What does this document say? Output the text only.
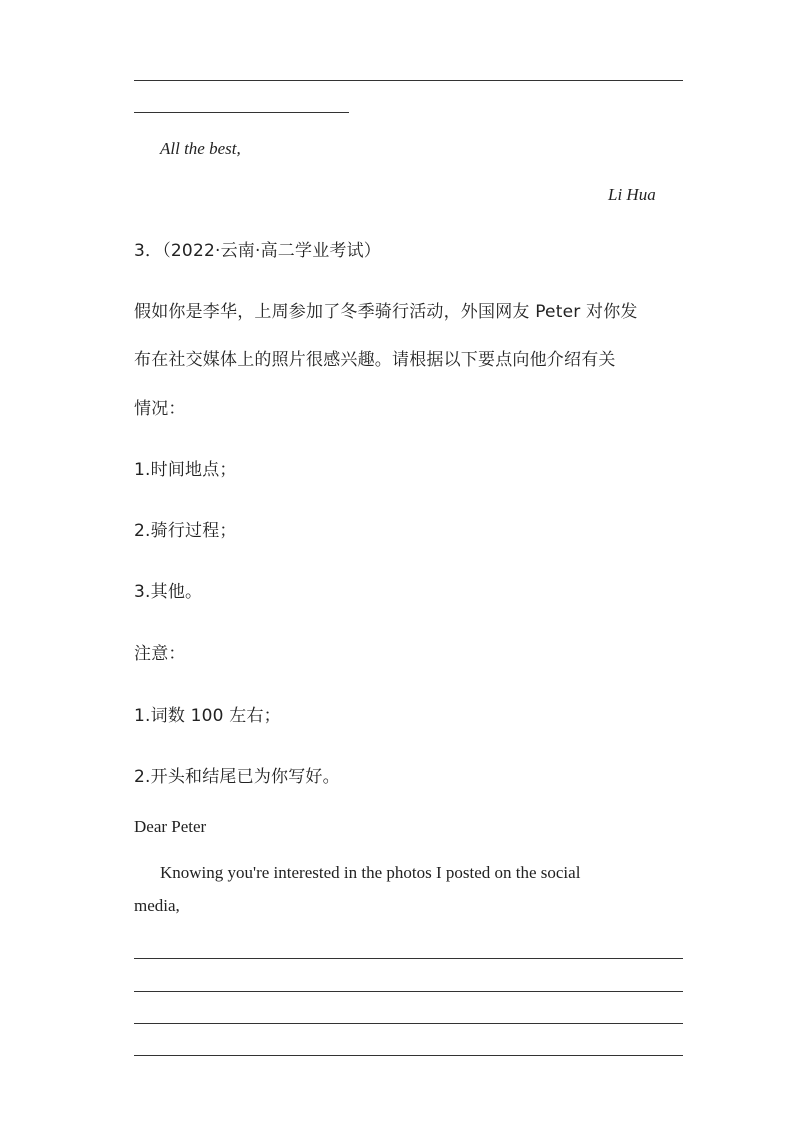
All the best,
Li Hua
3．（2022·云南·高二学业考试）
假如你是李华，上周参加了冬季骑行活动，外国网友 Peter 对你发
布在社交媒体上的照片很感兴趣。请根据以下要点向他介绍有关
情况：
1.时间地点；
2.骑行过程；
3.其他。
注意：
1.词数 100 左右；
2.开头和结尾已为你写好。
Dear Peter
Knowing you're interested in the photos I posted on the social
media,
